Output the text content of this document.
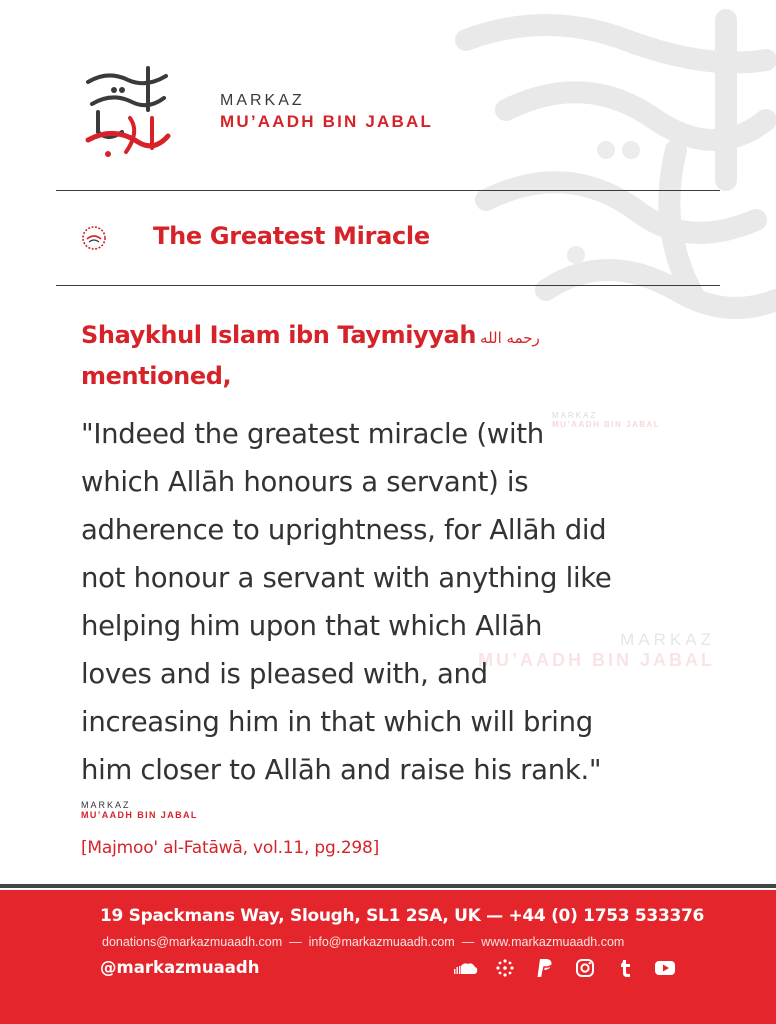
MARKAZ
MU’AADH BIN JABAL
The Greatest Miracle
Shaykhul Islam ibn Taymiyyah رحمه الله
mentioned,
MARKAZ
MU’AADH BIN JABAL
MARKAZ
MU’AADH BIN JABAL
"Indeed the greatest miracle (with
which Allāh honours a servant) is
adherence to uprightness, for Allāh did
not honour a servant with anything like
helping him upon that which Allāh
loves and is pleased with, and
increasing him in that which will bring
him closer to Allāh and raise his rank."
MARKAZ
MU’AADH BIN JABAL
[Majmoo' al-Fatāwā, vol.11, pg.298]
19 Spackmans Way, Slough, SL1 2SA, UK — +44 (0) 1753 533376
donations@markazmuaadh.com — info@markazmuaadh.com — www.markazmuaadh.com
@markazmuaadh
